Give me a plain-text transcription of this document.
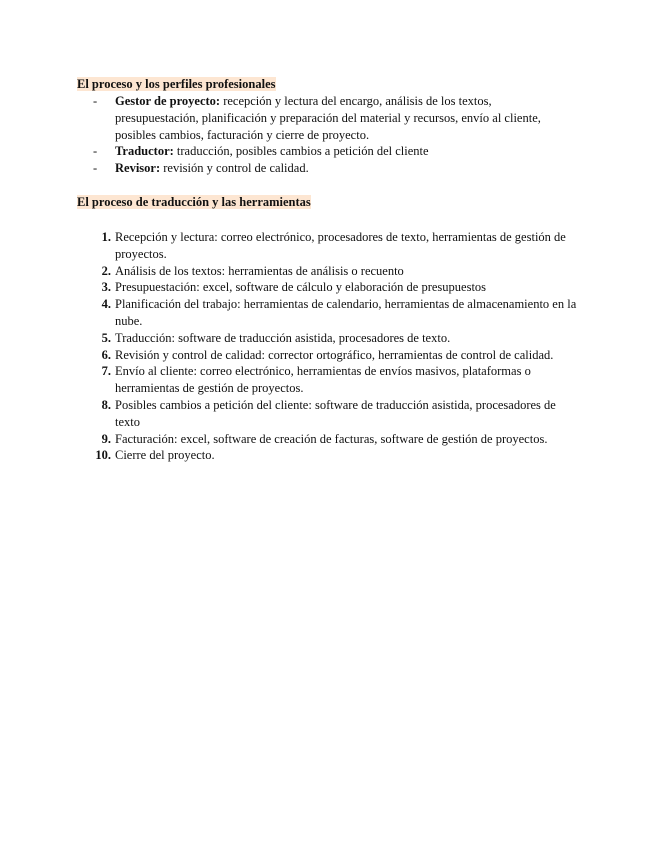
El proceso y los perfiles profesionales
- Gestor de proyecto: recepción y lectura del encargo, análisis de los textos, presupuestación, planificación y preparación del material y recursos, envío al cliente, posibles cambios, facturación y cierre de proyecto.
- Traductor: traducción, posibles cambios a petición del cliente
- Revisor: revisión y control de calidad.
El proceso de traducción y las herramientas
1. Recepción y lectura: correo electrónico, procesadores de texto, herramientas de gestión de proyectos.
2. Análisis de los textos: herramientas de análisis o recuento
3. Presupuestación: excel, software de cálculo y elaboración de presupuestos
4. Planificación del trabajo: herramientas de calendario, herramientas de almacenamiento en la nube.
5. Traducción: software de traducción asistida, procesadores de texto.
6. Revisión y control de calidad: corrector ortográfico, herramientas de control de calidad.
7. Envío al cliente: correo electrónico, herramientas de envíos masivos, plataformas o herramientas de gestión de proyectos.
8. Posibles cambios a petición del cliente: software de traducción asistida, procesadores de texto
9. Facturación: excel, software de creación de facturas, software de gestión de proyectos.
10. Cierre del proyecto.
